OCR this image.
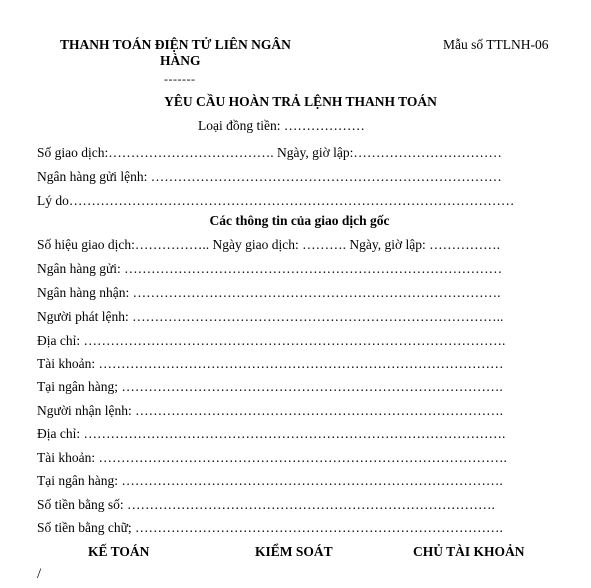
THANH TOÁN ĐIỆN TỬ LIÊN NGÂN
HÀNG
-------
Mẫu số TTLNH-06
YÊU CẦU HOÀN TRẢ LỆNH THANH TOÁN
Loại đồng tiền: ………………
Số giao dịch:………………………………. Ngày, giờ lập:……………………………
Ngân hàng gửi lệnh: ……………………………………………………………………
Lý do………………………………………………………………………………………
Các thông tin của giao dịch gốc
Số hiệu giao dịch:…………….. Ngày giao dịch: ………. Ngày, giờ lập: …………….
Ngân hàng gửi: …………………………………………………………………………
Ngân hàng nhận: ……………………………………………………………………….
Người phát lệnh: ………………………………………………………………………..
Địa chỉ: ………………………………………………………………………………….
Tài khoản: ………………………………………………………………………………
Tại ngân hàng; ………………………………………………………………………….
Người nhận lệnh: ……………………………………………………………………….
Địa chỉ: ………………………………………………………………………………….
Tài khoản: ……………………………………………………………………………….
Tại ngân hàng: ………………………………………………………………………….
Số tiền bằng số: ……………………………………………………………………….
Số tiền bằng chữ; ……………………………………………………………………….
KẾ TOÁN	KIỂM SOÁT	CHỦ TÀI KHOẢN
/
